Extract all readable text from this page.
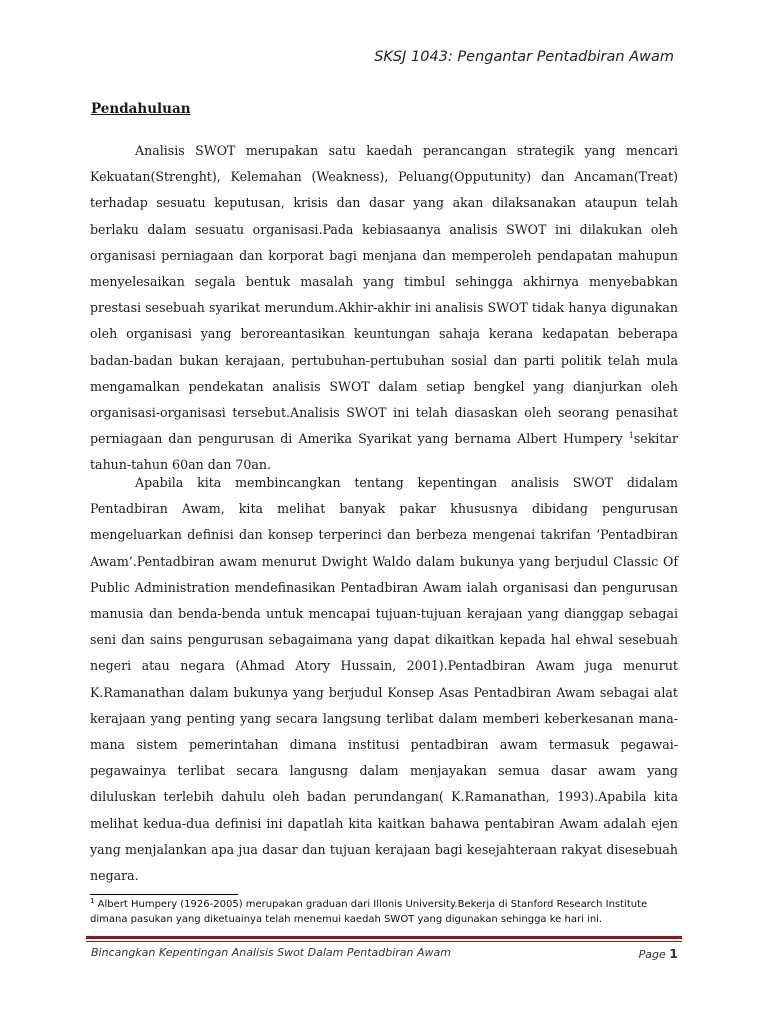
SKSJ 1043: Pengantar Pentadbiran Awam
Pendahuluan
Analisis SWOT merupakan satu kaedah perancangan strategik yang mencari Kekuatan(Strenght), Kelemahan (Weakness), Peluang(Opputunity) dan Ancaman(Treat) terhadap sesuatu keputusan, krisis dan dasar yang akan dilaksanakan ataupun telah berlaku dalam sesuatu organisasi.Pada kebiasaanya analisis SWOT ini dilakukan oleh organisasi perniagaan dan korporat bagi menjana dan memperoleh pendapatan mahupun menyelesaikan segala bentuk masalah yang timbul sehingga akhirnya menyebabkan prestasi sesebuah syarikat merundum.Akhir-akhir ini analisis SWOT tidak hanya digunakan oleh organisasi yang beroreantasikan keuntungan sahaja kerana kedapatan beberapa badan-badan bukan kerajaan, pertubuhan-pertubuhan sosial dan parti politik telah mula mengamalkan pendekatan analisis SWOT dalam setiap bengkel yang dianjurkan oleh organisasi-organisasi tersebut.Analisis SWOT ini telah diasaskan oleh seorang penasihat perniagaan dan pengurusan di Amerika Syarikat yang bernama Albert Humpery $^1$sekitar tahun-tahun 60an dan 70an.
Apabila kita membincangkan tentang kepentingan analisis SWOT didalam Pentadbiran Awam, kita melihat banyak pakar khususnya dibidang pengurusan mengeluarkan definisi dan konsep terperinci dan berbeza mengenai takrifan ‘Pentadbiran Awam’.Pentadbiran awam menurut Dwight Waldo dalam bukunya yang berjudul Classic Of Public Administration mendefinasikan Pentadbiran Awam ialah organisasi dan pengurusan manusia dan benda-benda untuk mencapai tujuan-tujuan kerajaan yang dianggap sebagai seni dan sains pengurusan sebagaimana yang dapat dikaitkan kepada hal ehwal sesebuah negeri atau negara (Ahmad Atory Hussain, 2001).Pentadbiran Awam juga menurut K.Ramanathan dalam bukunya yang berjudul Konsep Asas Pentadbiran Awam sebagai alat kerajaan yang penting yang secara langsung terlibat dalam memberi keberkesanan mana-mana sistem pemerintahan dimana institusi pentadbiran awam termasuk pegawai-pegawainya terlibat secara langusng dalam menjayakan semua dasar awam yang diluluskan terlebih dahulu oleh badan perundangan( K.Ramanathan, 1993).Apabila kita melihat kedua-dua definisi ini dapatlah kita kaitkan bahawa pentabiran Awam adalah ejen yang menjalankan apa jua dasar dan tujuan kerajaan bagi kesejahteraan rakyat disesebuah negara.
$^1$ Albert Humpery (1926-2005) merupakan graduan dari Illonis University.Bekerja di Stanford Research Institute dimana pasukan yang diketuainya telah menemui kaedah SWOT yang digunakan sehingga ke hari ini.
Bincangkan Kepentingan Analisis Swot Dalam Pentadbiran Awam	Page 1
